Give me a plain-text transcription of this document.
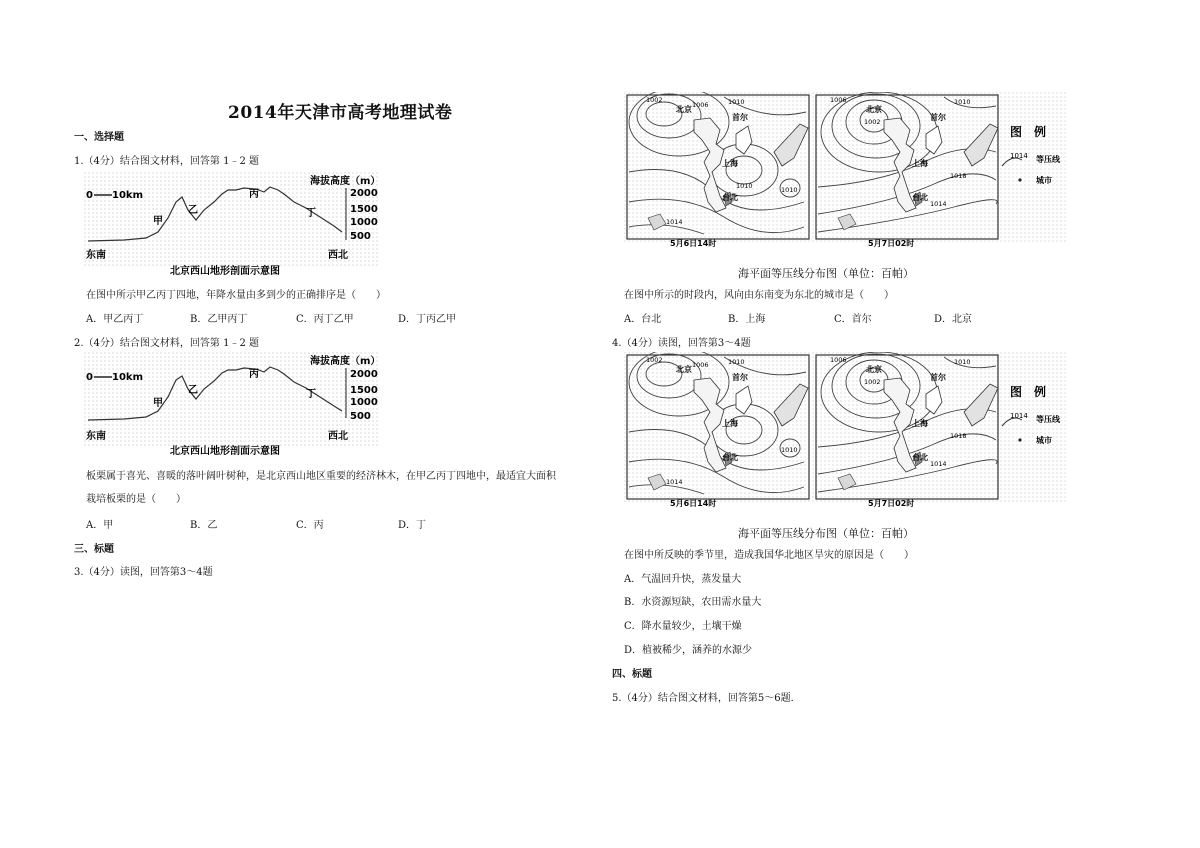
2014年天津市高考地理试卷
一、选择题
1.（4分）结合图文材料，回答第 1﹣2 题
0 10km
海拔高度（m）
2000
1500
1000
500
甲
乙
丙
丁
东南	西北
北京西山地形剖面示意图
在图中所示甲乙丙丁四地，年降水量由多到少的正确排序是（　　）
A．甲乙丙丁	B．乙甲丙丁	C．丙丁乙甲	D．丁丙乙甲
2.（4分）结合图文材料，回答第 1﹣2 题
0 10km
海拔高度（m）
2000
1500
1000
500
甲
乙
丙
丁
东南	西北
北京西山地形剖面示意图
板栗属于喜光、喜暖的落叶阔叶树种，是北京西山地区重要的经济林木，在甲乙丙丁四地中，最适宜大面积
栽培板栗的是（　　）
A．甲	B．乙	C．丙	D．丁
三、标题
3.（4分）读图，回答第3～4题
北京
首尔
上海
台北
1002
1006	1010
1010	1010
1014
5月6日14时
北京
首尔
上海
台北
1006
1002
1010
1018
1014
5月7日02时
图　例
1014 等压线
城市
海平面等压线分布图（单位：百帕）
在图中所示的时段内，风向由东南变为东北的城市是（　　）
A．台北	B．上海	C．首尔	D．北京
4.（4分）读图，回答第3～4题
北京
首尔
上海
台北
1002
1006	1010
1010
1014
5月6日14时
北京
首尔
上海
台北
1006
1002
1010
1018
1014
5月7日02时
图　例
1014 等压线
城市
海平面等压线分布图（单位：百帕）
在图中所反映的季节里，造成我国华北地区旱灾的原因是（　　）
A．气温回升快，蒸发量大
B．水资源短缺，农田需水量大
C．降水量较少，土壤干燥
D．植被稀少，涵养的水源少
四、标题
5.（4分）结合图文材料，回答第5～6题．
